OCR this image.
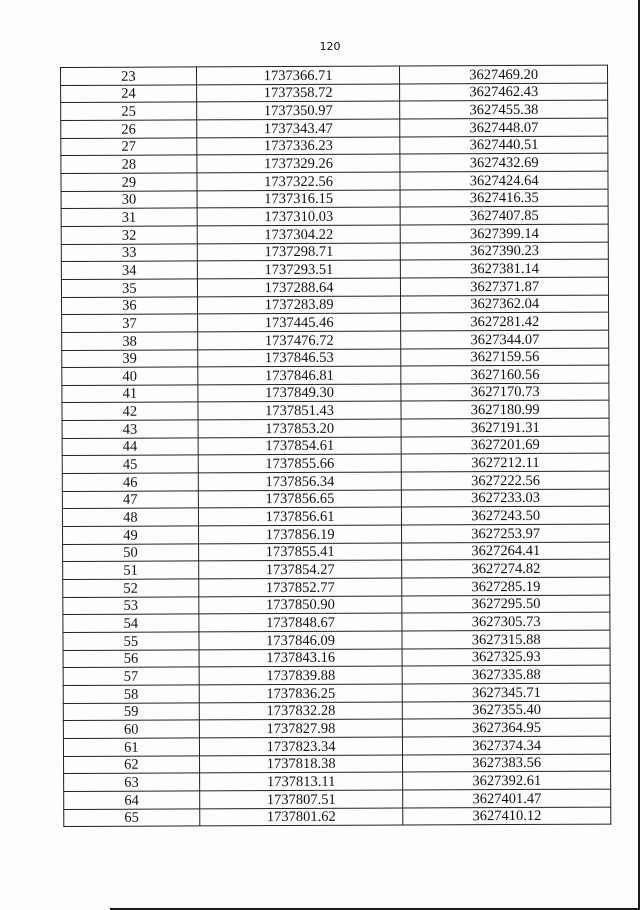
120
23	1737366.71	3627469.20
24	1737358.72	3627462.43
25	1737350.97	3627455.38
26	1737343.47	3627448.07
27	1737336.23	3627440.51
28	1737329.26	3627432.69
29	1737322.56	3627424.64
30	1737316.15	3627416.35
31	1737310.03	3627407.85
32	1737304.22	3627399.14
33	1737298.71	3627390.23
34	1737293.51	3627381.14
35	1737288.64	3627371.87
36	1737283.89	3627362.04
37	1737445.46	3627281.42
38	1737476.72	3627344.07
39	1737846.53	3627159.56
40	1737846.81	3627160.56
41	1737849.30	3627170.73
42	1737851.43	3627180.99
43	1737853.20	3627191.31
44	1737854.61	3627201.69
45	1737855.66	3627212.11
46	1737856.34	3627222.56
47	1737856.65	3627233.03
48	1737856.61	3627243.50
49	1737856.19	3627253.97
50	1737855.41	3627264.41
51	1737854.27	3627274.82
52	1737852.77	3627285.19
53	1737850.90	3627295.50
54	1737848.67	3627305.73
55	1737846.09	3627315.88
56	1737843.16	3627325.93
57	1737839.88	3627335.88
58	1737836.25	3627345.71
59	1737832.28	3627355.40
60	1737827.98	3627364.95
61	1737823.34	3627374.34
62	1737818.38	3627383.56
63	1737813.11	3627392.61
64	1737807.51	3627401.47
65	1737801.62	3627410.12
